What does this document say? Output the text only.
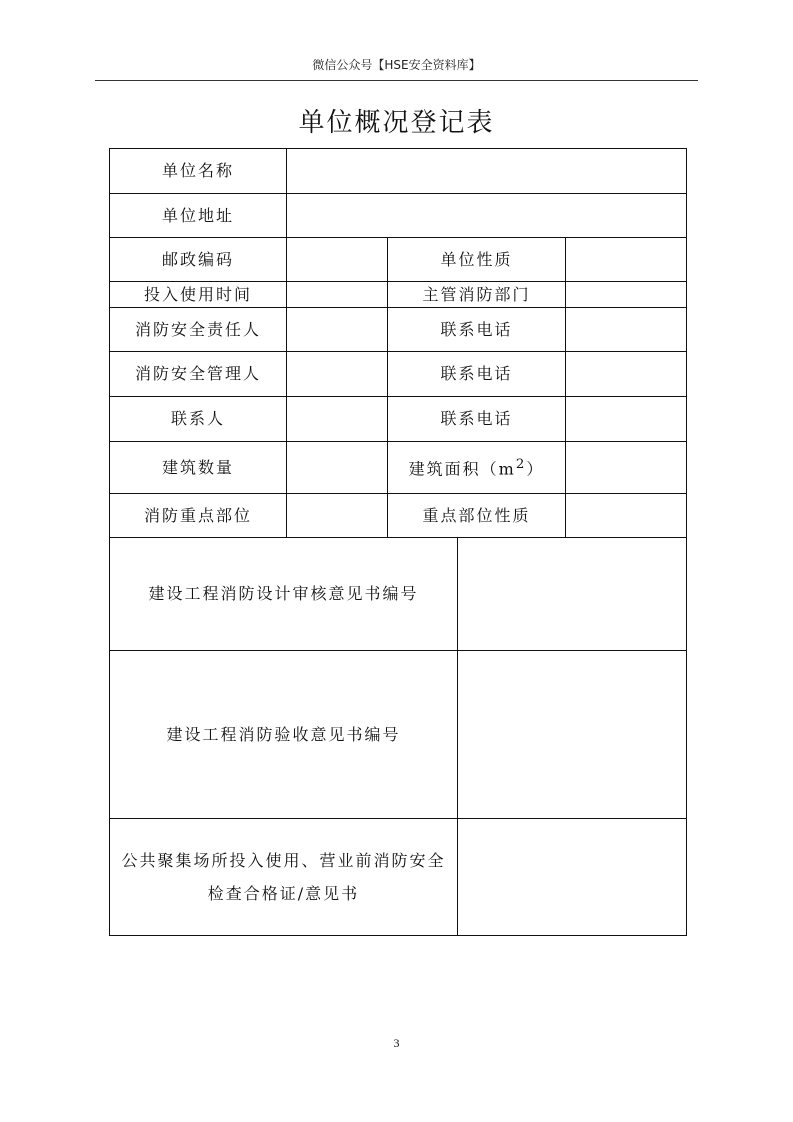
微信公众号【HSE安全资料库】
单位概况登记表
单位名称				
单位地址				
邮政编码		单位性质		
投入使用时间		主管消防部门		
消防安全责任人		联系电话		
消防安全管理人		联系电话		
联系人		联系电话		
建筑数量		建筑面积$(m^2)$		
消防重点部位		重点部位性质		
建设工程消防设计审核意见书编号				
建设工程消防验收意见书编号				
公共聚集场所投入使用、营业前消防安全
检查合格证/意见书				
3
